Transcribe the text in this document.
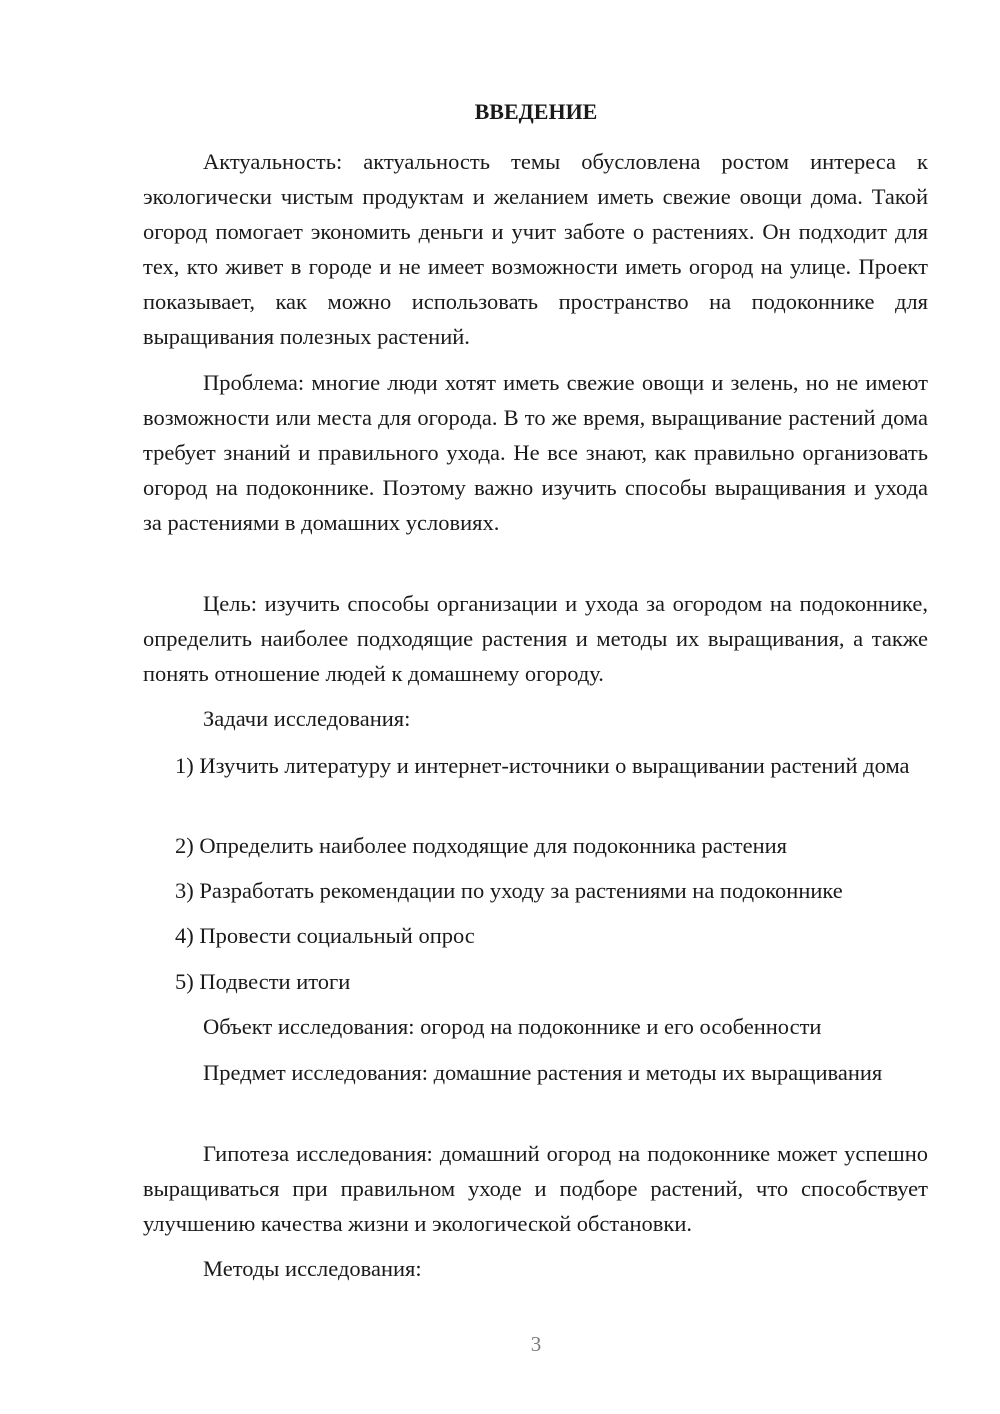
ВВЕДЕНИЕ

Актуальность: актуальность темы обусловлена ростом интереса к экологически чистым продуктам и желанием иметь свежие овощи дома. Такой огород помогает экономить деньги и учит заботе о растениях. Он подходит для тех, кто живет в городе и не имеет возможности иметь огород на улице. Проект показывает, как можно использовать пространство на подоконнике для выращивания полезных растений.

Проблема: многие люди хотят иметь свежие овощи и зелень, но не имеют возможности или места для огорода. В то же время, выращивание растений дома требует знаний и правильного ухода. Не все знают, как правильно организовать огород на подоконнике. Поэтому важно изучить способы выращивания и ухода за растениями в домашних условиях.

Цель: изучить способы организации и ухода за огородом на подоконнике, определить наиболее подходящие растения и методы их выращивания, а также понять отношение людей к домашнему огороду.

Задачи исследования:

1) Изучить литературу и интернет-источники о выращивании растений дома

2) Определить наиболее подходящие для подоконника растения

3) Разработать рекомендации по уходу за растениями на подоконнике

4) Провести социальный опрос

5) Подвести итоги

Объект исследования: огород на подоконнике и его особенности

Предмет исследования: домашние растения и методы их выращивания

Гипотеза исследования: домашний огород на подоконнике может успешно выращиваться при правильном уходе и подборе растений, что способствует улучшению качества жизни и экологической обстановки.

Методы исследования:

3
